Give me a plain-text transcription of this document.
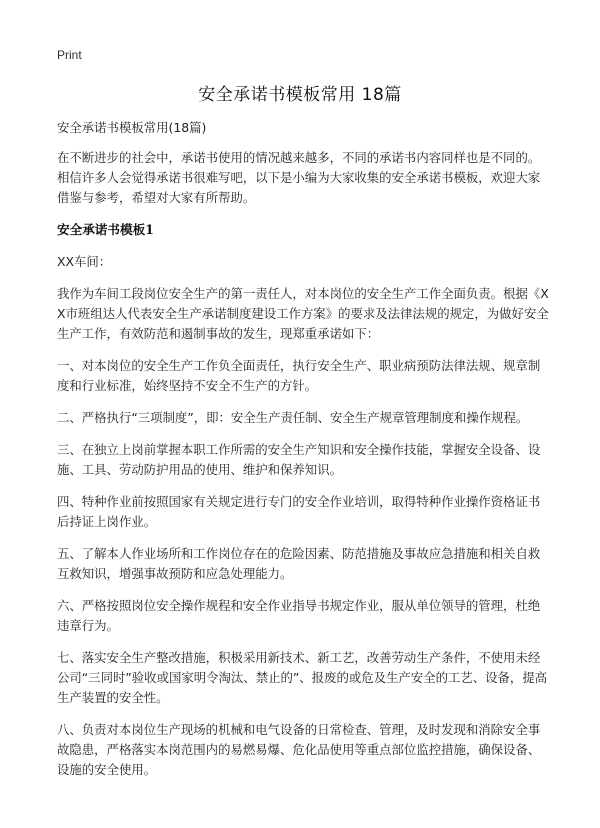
Print
安全承诺书模板常用 18篇

安全承诺书模板常用(18篇)

在不断进步的社会中，承诺书使用的情况越来越多，不同的承诺书内容同样也是不同的。相信许多人会觉得承诺书很难写吧，以下是小编为大家收集的安全承诺书模板，欢迎大家借鉴与参考，希望对大家有所帮助。

安全承诺书模板1

XX车间：

我作为车间工段岗位安全生产的第一责任人，对本岗位的安全生产工作全面负责。根据《XX市班组达人代表安全生产承诺制度建设工作方案》的要求及法律法规的规定，为做好安全生产工作，有效防范和遏制事故的发生，现郑重承诺如下：

一、对本岗位的安全生产工作负全面责任，执行安全生产、职业病预防法律法规、规章制度和行业标准，始终坚持不安全不生产的方针。

二、严格执行“三项制度”，即：安全生产责任制、安全生产规章管理制度和操作规程。

三、在独立上岗前掌握本职工作所需的安全生产知识和安全操作技能，掌握安全设备、设施、工具、劳动防护用品的使用、维护和保养知识。

四、特种作业前按照国家有关规定进行专门的安全作业培训，取得特种作业操作资格证书后持证上岗作业。

五、了解本人作业场所和工作岗位存在的危险因素、防范措施及事故应急措施和相关自救互救知识，增强事故预防和应急处理能力。

六、严格按照岗位安全操作规程和安全作业指导书规定作业，服从单位领导的管理，杜绝违章行为。

七、落实安全生产整改措施，积极采用新技术、新工艺，改善劳动生产条件，不使用未经公司“三同时”验收或国家明令淘汰、禁止的”、报废的或危及生产安全的工艺、设备，提高生产装置的安全性。

八、负责对本岗位生产现场的机械和电气设备的日常检查、管理，及时发现和消除安全事故隐患，严格落实本岗范围内的易燃易爆、危化品使用等重点部位监控措施，确保设备、设施的安全使用。
